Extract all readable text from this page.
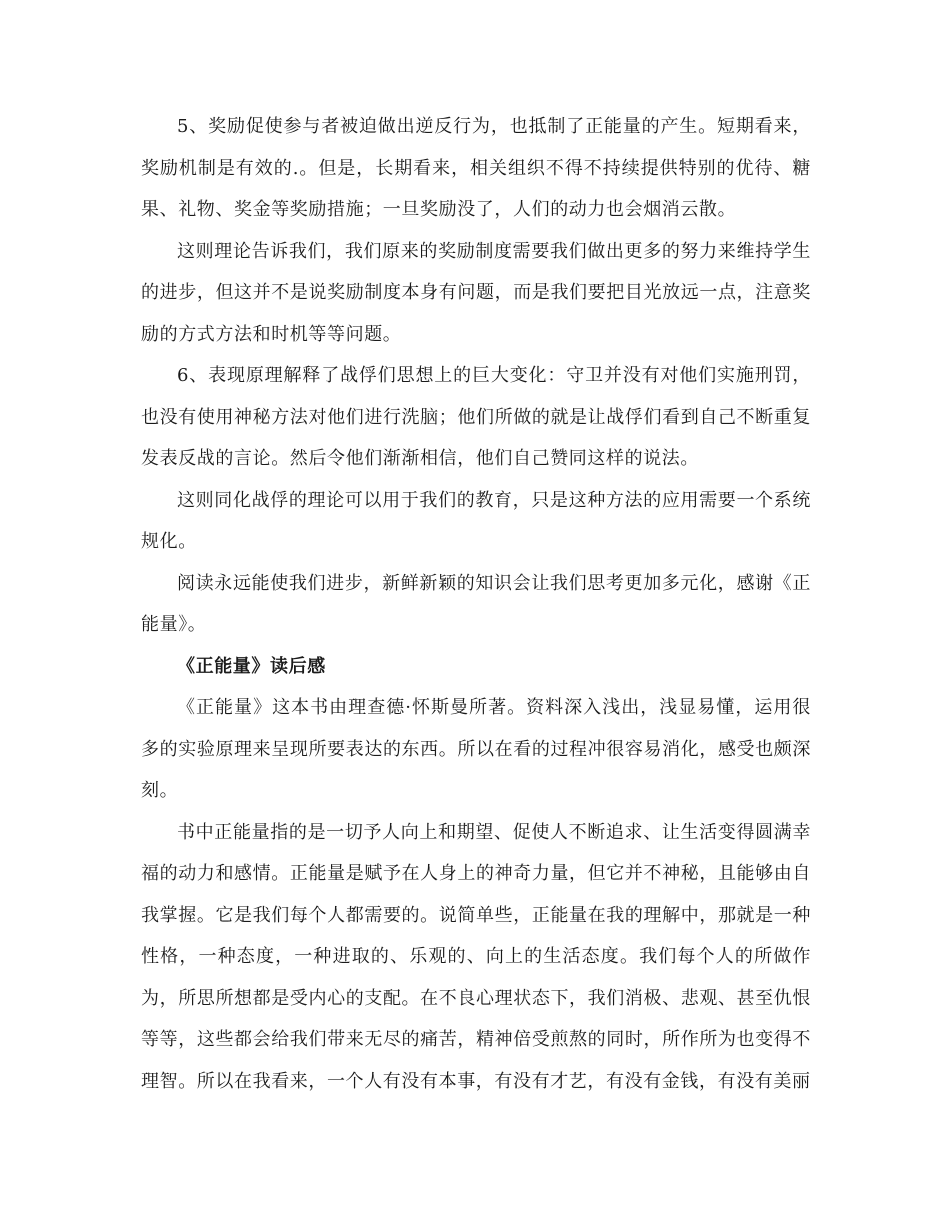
5、奖励促使参与者被迫做出逆反行为，也抵制了正能量的产生。短期看来，奖励机制是有效的.。但是，长期看来，相关组织不得不持续提供特别的优待、糖果、礼物、奖金等奖励措施；一旦奖励没了，人们的动力也会烟消云散。

这则理论告诉我们，我们原来的奖励制度需要我们做出更多的努力来维持学生的进步，但这并不是说奖励制度本身有问题，而是我们要把目光放远一点，注意奖励的方式方法和时机等等问题。

6、表现原理解释了战俘们思想上的巨大变化：守卫并没有对他们实施刑罚，也没有使用神秘方法对他们进行洗脑；他们所做的就是让战俘们看到自己不断重复发表反战的言论。然后令他们渐渐相信，他们自己赞同这样的说法。

这则同化战俘的理论可以用于我们的教育，只是这种方法的应用需要一个系统规化。

阅读永远能使我们进步，新鲜新颖的知识会让我们思考更加多元化，感谢《正能量》。

《正能量》读后感

《正能量》这本书由理查德·怀斯曼所著。资料深入浅出，浅显易懂，运用很多的实验原理来呈现所要表达的东西。所以在看的过程冲很容易消化，感受也颇深刻。

书中正能量指的是一切予人向上和期望、促使人不断追求、让生活变得圆满幸福的动力和感情。正能量是赋予在人身上的神奇力量，但它并不神秘，且能够由自我掌握。它是我们每个人都需要的。说简单些，正能量在我的理解中，那就是一种性格，一种态度，一种进取的、乐观的、向上的生活态度。我们每个人的所做作为，所思所想都是受内心的支配。在不良心理状态下，我们消极、悲观、甚至仇恨等等，这些都会给我们带来无尽的痛苦，精神倍受煎熬的同时，所作所为也变得不理智。所以在我看来，一个人有没有本事，有没有才艺，有没有金钱，有没有美丽
